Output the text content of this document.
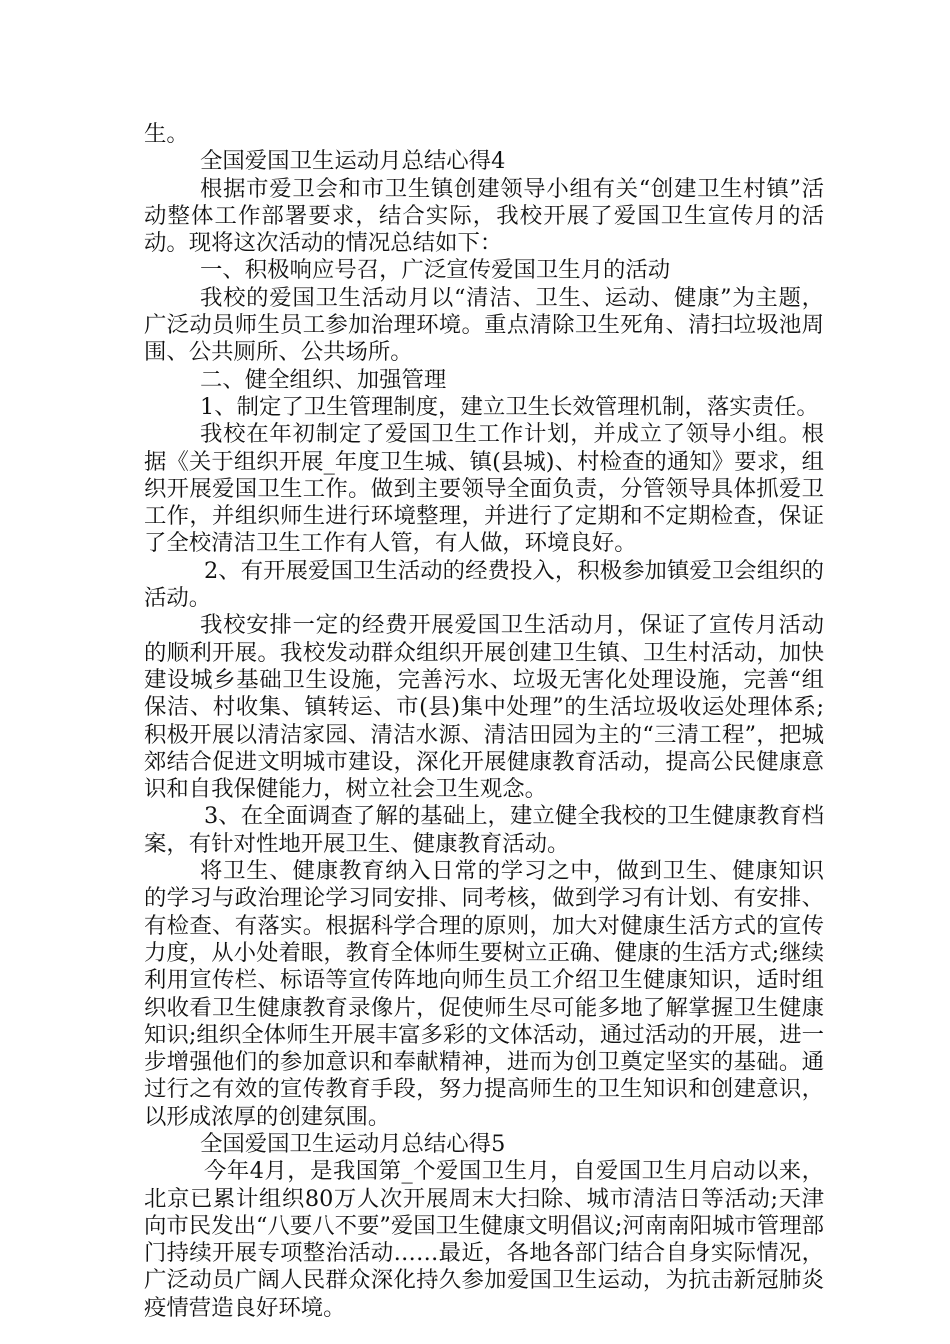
生。

全国爱国卫生运动月总结心得4

根据市爱卫会和市卫生镇创建领导小组有关“创建卫生村镇”活动整体工作部署要求，结合实际，我校开展了爱国卫生宣传月的活动。现将这次活动的情况总结如下：

一、积极响应号召，广泛宣传爱国卫生月的活动

我校的爱国卫生活动月以“清洁、卫生、运动、健康”为主题，广泛动员师生员工参加治理环境。重点清除卫生死角、清扫垃圾池周围、公共厕所、公共场所。

二、健全组织、加强管理

1、制定了卫生管理制度，建立卫生长效管理机制，落实责任。

我校在年初制定了爱国卫生工作计划，并成立了领导小组。根据《关于组织开展_年度卫生城、镇(县城)、村检查的通知》要求，组织开展爱国卫生工作。做到主要领导全面负责，分管领导具体抓爱卫工作，并组织师生进行环境整理，并进行了定期和不定期检查，保证了全校清洁卫生工作有人管，有人做，环境良好。

2、有开展爱国卫生活动的经费投入，积极参加镇爱卫会组织的活动。

我校安排一定的经费开展爱国卫生活动月，保证了宣传月活动的顺利开展。我校发动群众组织开展创建卫生镇、卫生村活动，加快建设城乡基础卫生设施，完善污水、垃圾无害化处理设施，完善“组保洁、村收集、镇转运、市(县)集中处理”的生活垃圾收运处理体系;积极开展以清洁家园、清洁水源、清洁田园为主的“三清工程”，把城郊结合促进文明城市建设，深化开展健康教育活动，提高公民健康意识和自我保健能力，树立社会卫生观念。

3、在全面调查了解的基础上，建立健全我校的卫生健康教育档案，有针对性地开展卫生、健康教育活动。

将卫生、健康教育纳入日常的学习之中，做到卫生、健康知识的学习与政治理论学习同安排、同考核，做到学习有计划、有安排、有检查、有落实。根据科学合理的原则，加大对健康生活方式的宣传力度，从小处着眼，教育全体师生要树立正确、健康的生活方式;继续利用宣传栏、标语等宣传阵地向师生员工介绍卫生健康知识，适时组织收看卫生健康教育录像片，促使师生尽可能多地了解掌握卫生健康知识;组织全体师生开展丰富多彩的文体活动，通过活动的开展，进一步增强他们的参加意识和奉献精神，进而为创卫奠定坚实的基础。通过行之有效的宣传教育手段，努力提高师生的卫生知识和创建意识，以形成浓厚的创建氛围。

全国爱国卫生运动月总结心得5

今年4月，是我国第_个爱国卫生月，自爱国卫生月启动以来，北京已累计组织80万人次开展周末大扫除、城市清洁日等活动;天津向市民发出“八要八不要”爱国卫生健康文明倡议;河南南阳城市管理部门持续开展专项整治活动……最近，各地各部门结合自身实际情况，广泛动员广阔人民群众深化持久参加爱国卫生运动，为抗击新冠肺炎疫情营造良好环境。
